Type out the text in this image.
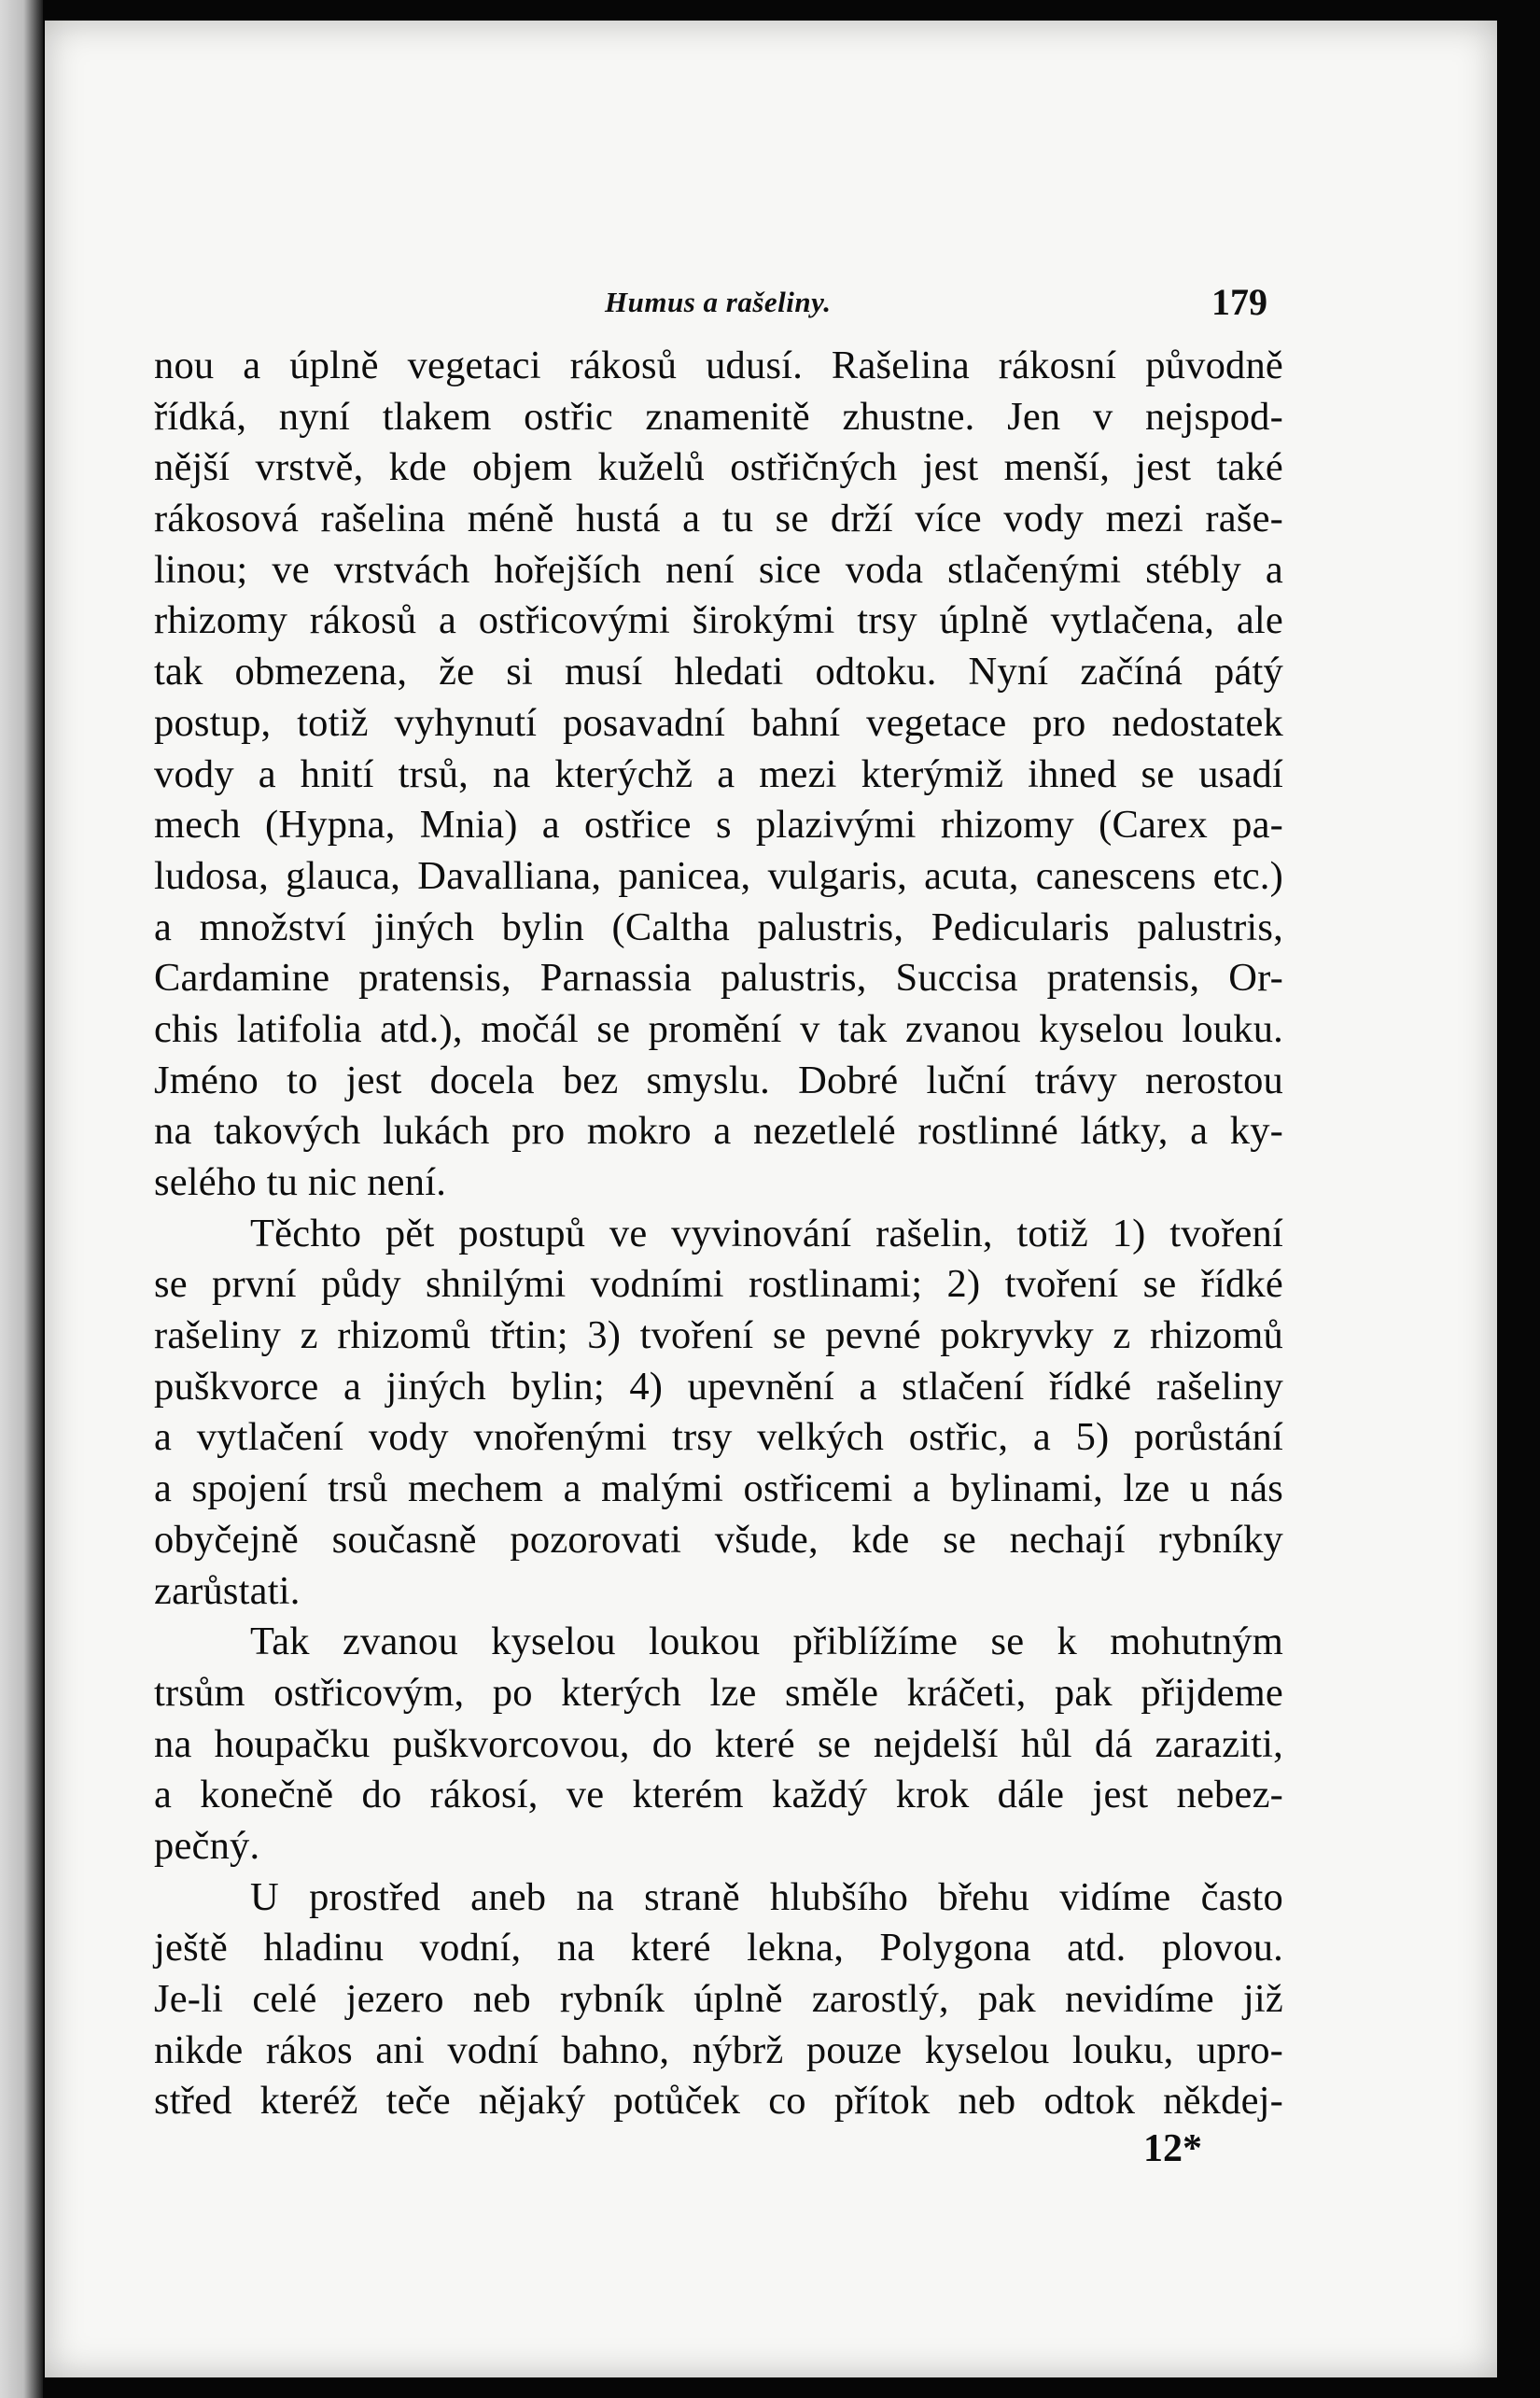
Humus a rašeliny.	179
nou a úplně vegetaci rákosů udusí. Rašelina rákosní původně
řídká, nyní tlakem ostřic znamenitě zhustne. Jen v nejspod-
nější vrstvě, kde objem kuželů ostřičných jest menší, jest také
rákosová rašelina méně hustá a tu se drží více vody mezi raše-
linou; ve vrstvách hořejších není sice voda stlačenými stébly a
rhizomy rákosů a ostřicovými širokými trsy úplně vytlačena, ale
tak obmezena, že si musí hledati odtoku. Nyní začíná pátý
postup, totiž vyhynutí posavadní bahní vegetace pro nedostatek
vody a hnití trsů, na kterýchž a mezi kterýmiž ihned se usadí
mech (Hypna, Mnia) a ostřice s plazivými rhizomy (Carex pa-
ludosa, glauca, Davalliana, panicea, vulgaris, acuta, canescens etc.)
a množství jiných bylin (Caltha palustris, Pedicularis palustris,
Cardamine pratensis, Parnassia palustris, Succisa pratensis, Or-
chis latifolia atd.), močál se promění v tak zvanou kyselou louku.
Jméno to jest docela bez smyslu. Dobré luční trávy nerostou
na takových lukách pro mokro a nezetlelé rostlinné látky, a ky-
selého tu nic není.
Těchto pět postupů ve vyvinování rašelin, totiž 1) tvoření
se první půdy shnilými vodními rostlinami; 2) tvoření se řídké
rašeliny z rhizomů třtin; 3) tvoření se pevné pokryvky z rhizomů
puškvorce a jiných bylin; 4) upevnění a stlačení řídké rašeliny
a vytlačení vody vnořenými trsy velkých ostřic, a 5) porůstání
a spojení trsů mechem a malými ostřicemi a bylinami, lze u nás
obyčejně současně pozorovati všude, kde se nechají rybníky
zarůstati.
Tak zvanou kyselou loukou přiblížíme se k mohutným
trsům ostřicovým, po kterých lze směle kráčeti, pak přijdeme
na houpačku puškvorcovou, do které se nejdelší hůl dá zaraziti,
a konečně do rákosí, ve kterém každý krok dále jest nebez-
pečný.
U prostřed aneb na straně hlubšího břehu vidíme často
ještě hladinu vodní, na které lekna, Polygona atd. plovou.
Je-li celé jezero neb rybník úplně zarostlý, pak nevidíme již
nikde rákos ani vodní bahno, nýbrž pouze kyselou louku, upro-
střed kteréž teče nějaký potůček co přítok neb odtok někdej-
12*
